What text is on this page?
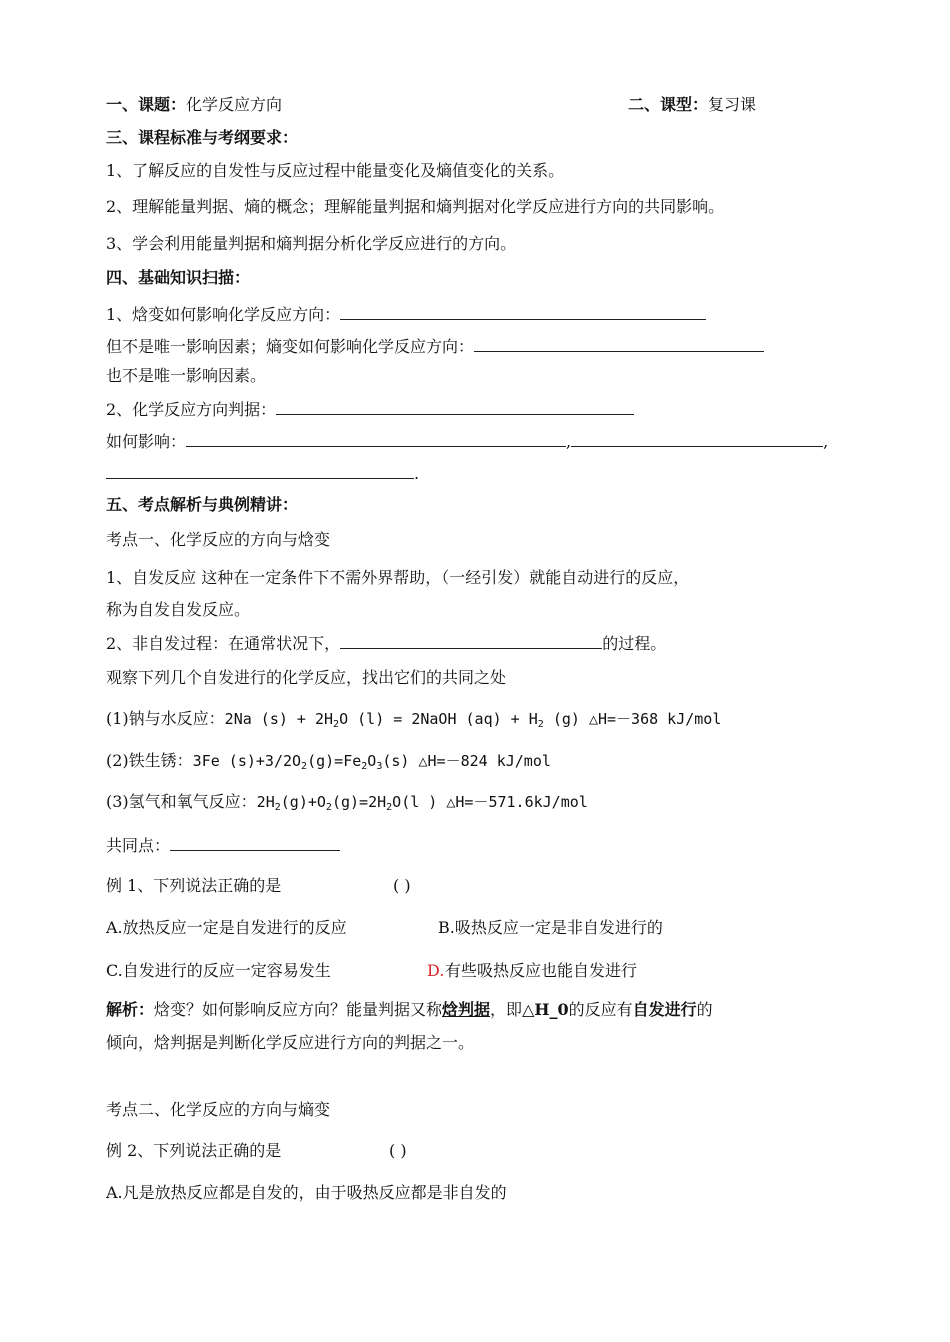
一、课题：化学反应方向	二、课型：复习课
三、课程标准与考纲要求：
1、了解反应的自发性与反应过程中能量变化及熵值变化的关系。
2、理解能量判据、熵的概念；理解能量判据和熵判据对化学反应进行方向的共同影响。
3、学会利用能量判据和熵判据分析化学反应进行的方向。
四、基础知识扫描：
1、焓变如何影响化学反应方向：
但不是唯一影响因素；熵变如何影响化学反应方向：
也不是唯一影响因素。
2、化学反应方向判据：
如何影响：	,	,
.
五、考点解析与典例精讲：
考点一、化学反应的方向与焓变
1、自发反应 这种在一定条件下不需外界帮助，（一经引发）就能自动进行的反应，
称为自发自发反应。
2、非自发过程：在通常状况下，	的过程。
观察下列几个自发进行的化学反应，找出它们的共同之处
(1)钠与水反应：2Na $(s) + 2H_2O$ (l) = 2NaOH $(aq) + H_2$ (g) △H=－368 kJ/mol
(2)铁生锈：3Fe $(s)+3/2O_2(g)=Fe_2O_3(s)$ △H=－824 kJ/mol
(3)氢气和氧气反应：$2H_2(g)+O_2(g)=2H_2O(l$ ) △H=－571.6kJ/mol
共同点：
例 1、下列说法正确的是	( )
A.放热反应一定是自发进行的反应	B.吸热反应一定是非自发进行的
C.自发进行的反应一定容易发生	D. 有些吸热反应也能自发进行
解析：焓变？如何影响反应方向？能量判据又称焓判据，即△H_0的反应有自发进行的
倾向，焓判据是判断化学反应进行方向的判据之一。
考点二、化学反应的方向与熵变
例 2、下列说法正确的是	( )
A.凡是放热反应都是自发的，由于吸热反应都是非自发的
